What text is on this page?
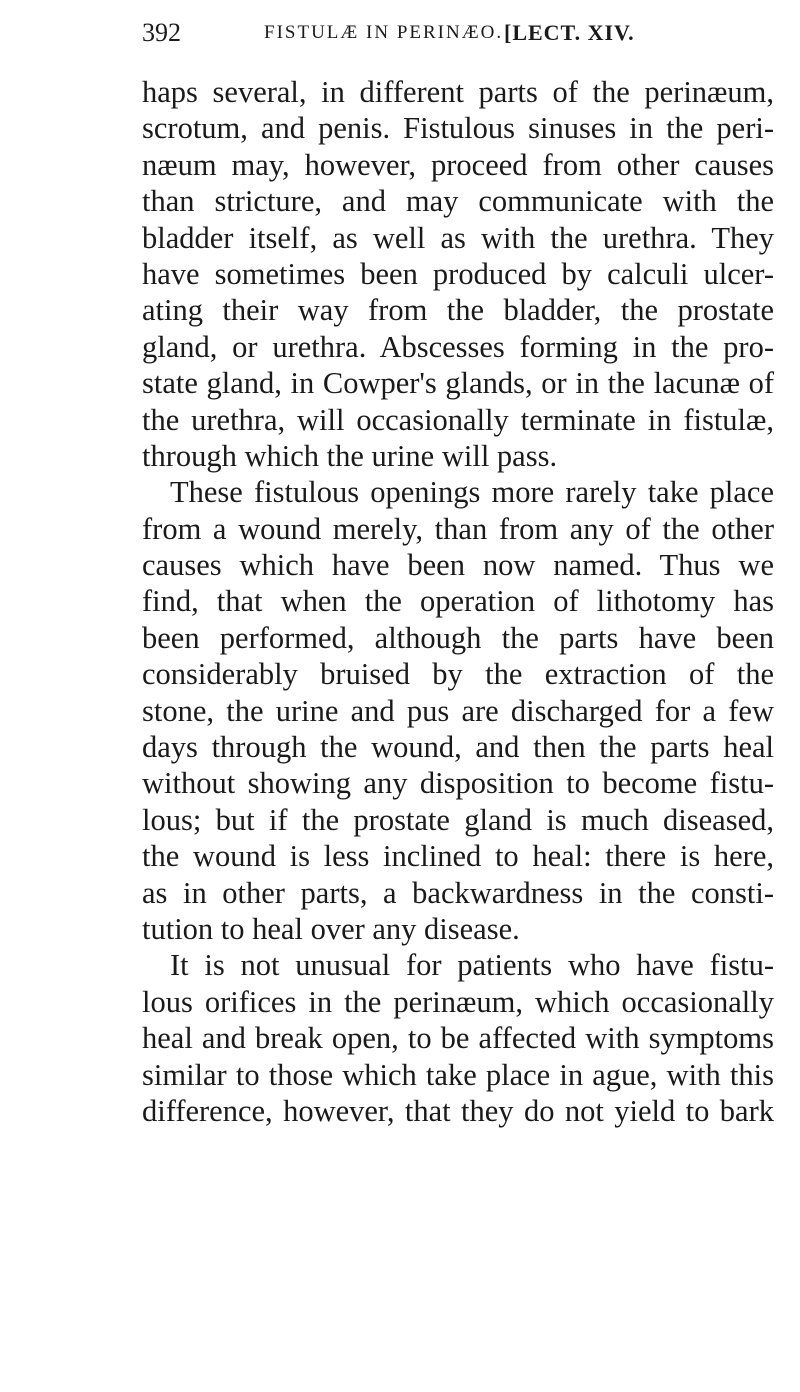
392	FISTULÆ IN PERINÆO. [LECT. XIV.
haps several, in different parts of the perinæum,
scrotum, and penis. Fistulous sinuses in the peri-
næum may, however, proceed from other causes
than stricture, and may communicate with the
bladder itself, as well as with the urethra. They
have sometimes been produced by calculi ulcer-
ating their way from the bladder, the prostate
gland, or urethra. Abscesses forming in the pro-
state gland, in Cowper's glands, or in the lacunæ of
the urethra, will occasionally terminate in fistulæ,
through which the urine will pass.
These fistulous openings more rarely take place
from a wound merely, than from any of the other
causes which have been now named. Thus we
find, that when the operation of lithotomy has
been performed, although the parts have been
considerably bruised by the extraction of the
stone, the urine and pus are discharged for a few
days through the wound, and then the parts heal
without showing any disposition to become fistu-
lous; but if the prostate gland is much diseased,
the wound is less inclined to heal: there is here,
as in other parts, a backwardness in the consti-
tution to heal over any disease.
It is not unusual for patients who have fistu-
lous orifices in the perinæum, which occasionally
heal and break open, to be affected with symptoms
similar to those which take place in ague, with this
difference, however, that they do not yield to bark
